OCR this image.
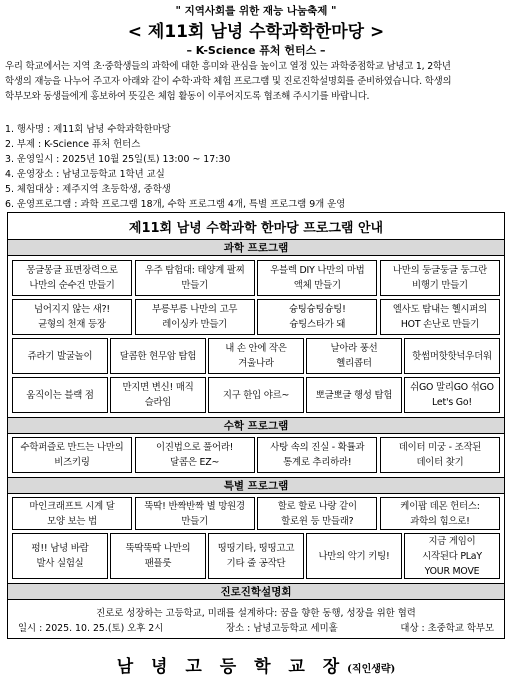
" 지역사회를 위한 재능 나눔축제 "
< 제11회 남녕 수학과학한마당 >
– K-Science 퓨처 헌터스 –
우리 학교에서는 지역 초·중학생들의 과학에 대한 흥미와 관심을 높이고 열정 있는 과학중점학교 남녕고 1, 2학년
학생의 재능을 나누어 주고자 아래와 같이 수학·과학 체험 프로그램 및 진로진학설명회를 준비하였습니다. 학생의
학부모와 동생들에게 홍보하여 뜻깊은 체험 활동이 이루어지도록 협조해 주시기를 바랍니다.
1. 행사명 : 제11회 남녕 수학과학한마당
2. 부제 : K-Science 퓨처 헌터스
3. 운영일시 : 2025년 10월 25일(토) 13:00 ~ 17:30
4. 운영장소 : 남녕고등학교 1학년 교실
5. 체험대상 : 제주지역 초등학생, 중학생
6. 운영프로그램 : 과학 프로그램 18개, 수학 프로그램 4개, 특별 프로그램 9개 운영
제11회 남녕 수학과학 한마당 프로그램 안내
과학 프로그램
몽글몽글 표면장력으로
나만의 순수건 만들기
우주 탐험대: 태양계 팔찌
만들기
우블렉 DIY 나만의 마법
액체 만들기
나만의 둥글둥글 둥그란
비행기 만들기
넘어지지 않는 새?!
균형의 천재 등장
부릉부릉 나만의 고무
레이싱카 만들기
슝팅슝팅슝팅!
슝팅스타가 돼
엘사도 탐내는 헬시퍼의
HOT 손난로 만들기
쥬라기 발굴놀이	달콤한 현무암 탐험
내 손 안에 작은
겨울나라
날아라 풍선
헬리콥터
핫썸머핫핫넉우더워
움직이는 블랙 점
만지면 변신! 매직
슬라임
지구 한입 야르~	뽀글뽀글 행성 탐험
쉬GO 말리GO 섞GO
Let's Go!
수학 프로그램
수학퍼즐로 만드는 나만의
비즈키링
이진법으로 풀어라!
달콤은 EZ~
사탕 속의 진실 - 확률과
통계로 추리하라!
데이터 미궁 - 조작된
데이터 찾기
특별 프로그램
마인크래프트 시계 달
모양 보는 법
뚝딱! 반짝반짝 별 망원경
만들기
할로 할로 나랑 같이
할로윈 등 만들래?
케이팝 데몬 헌터스:
과학의 힘으로!
펑!! 남녕 바람
발사 실험실
뚝딱뚝딱 나만의
팬플룻
띵띵기타, 띵띵고고
기타 줄 공작단
나만의 악기 키팅!
지금 게임이
시작된다 PLaY
YOUR MOVE
진로진학설명회
진로로 성장하는 고등학교, 미래를 설계하다: 꿈을 향한 동행, 성장을 위한 협력
일시 : 2025. 10. 25.(토) 오후 2시	장소 : 남녕고등학교 세미홀	대상 : 초중학교 학부모
남 녕 고 등 학 교 장 (직인생략)
